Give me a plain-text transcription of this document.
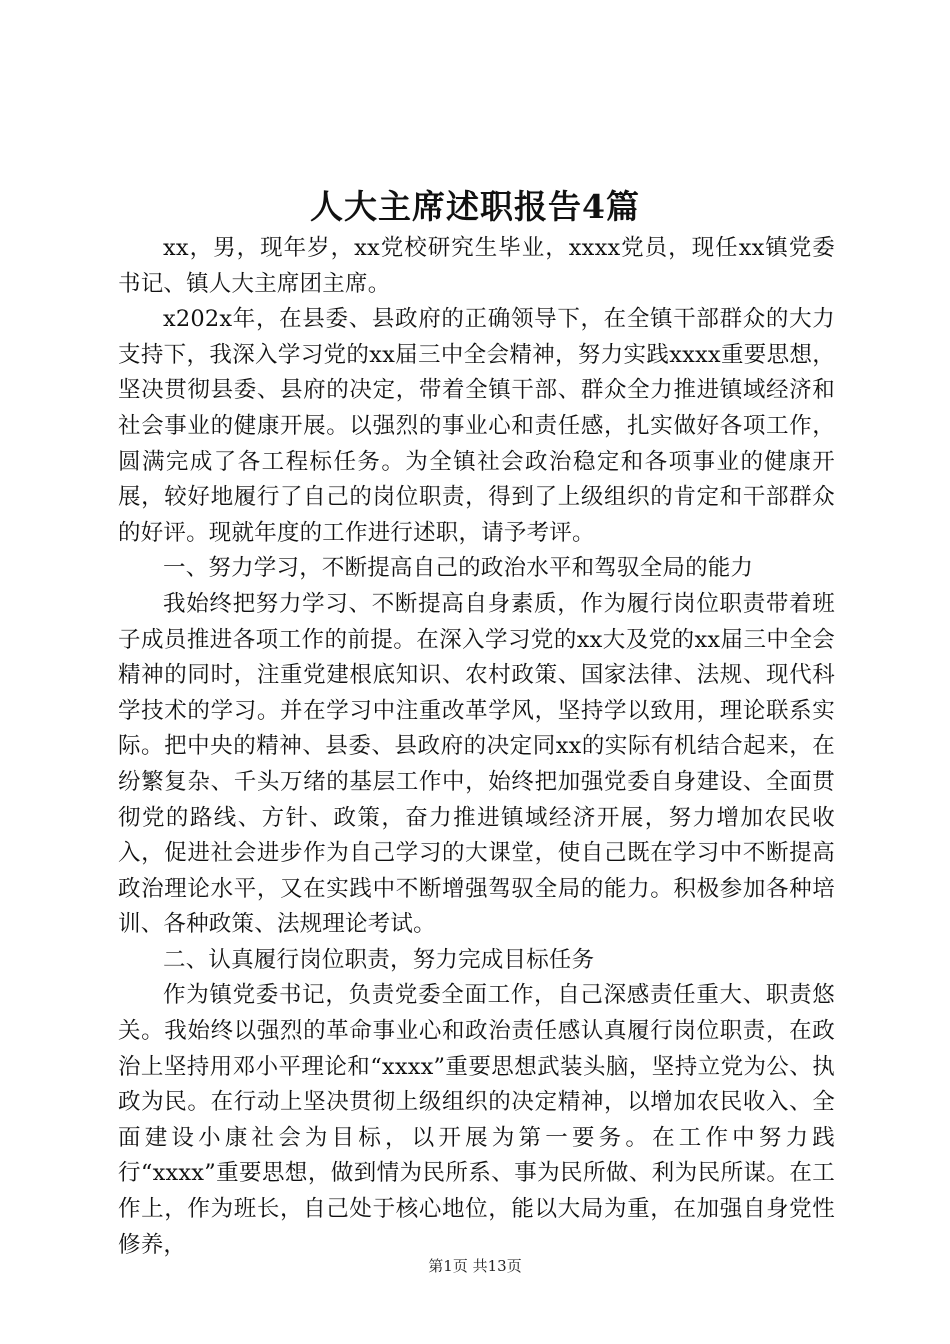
人大主席述职报告4篇

xx，男，现年岁，xx党校研究生毕业，xxxx党员，现任xx镇党委书记、镇人大主席团主席。

x202x年，在县委、县政府的正确领导下，在全镇干部群众的大力支持下，我深入学习党的xx届三中全会精神，努力实践xxxx重要思想，坚决贯彻县委、县府的决定，带着全镇干部、群众全力推进镇域经济和社会事业的健康开展。以强烈的事业心和责任感，扎实做好各项工作，圆满完成了各工程标任务。为全镇社会政治稳定和各项事业的健康开展，较好地履行了自己的岗位职责，得到了上级组织的肯定和干部群众的好评。现就年度的工作进行述职，请予考评。

一、努力学习，不断提高自己的政治水平和驾驭全局的能力

我始终把努力学习、不断提高自身素质，作为履行岗位职责带着班子成员推进各项工作的前提。在深入学习党的xx大及党的xx届三中全会精神的同时，注重党建根底知识、农村政策、国家法律、法规、现代科学技术的学习。并在学习中注重改革学风，坚持学以致用，理论联系实际。把中央的精神、县委、县政府的决定同xx的实际有机结合起来，在纷繁复杂、千头万绪的基层工作中，始终把加强党委自身建设、全面贯彻党的路线、方针、政策，奋力推进镇域经济开展，努力增加农民收入，促进社会进步作为自己学习的大课堂，使自己既在学习中不断提高政治理论水平，又在实践中不断增强驾驭全局的能力。积极参加各种培训、各种政策、法规理论考试。

二、认真履行岗位职责，努力完成目标任务

作为镇党委书记，负责党委全面工作，自己深感责任重大、职责悠关。我始终以强烈的革命事业心和政治责任感认真履行岗位职责，在政治上坚持用邓小平理论和“xxxx”重要思想武装头脑，坚持立党为公、执政为民。在行动上坚决贯彻上级组织的决定精神，以增加农民收入、全面建设小康社会为目标，以开展为第一要务。在工作中努力践行“xxxx”重要思想，做到情为民所系、事为民所做、利为民所谋。在工作上，作为班长，自己处于核心地位，能以大局为重，在加强自身党性修养，

第1页 共13页
